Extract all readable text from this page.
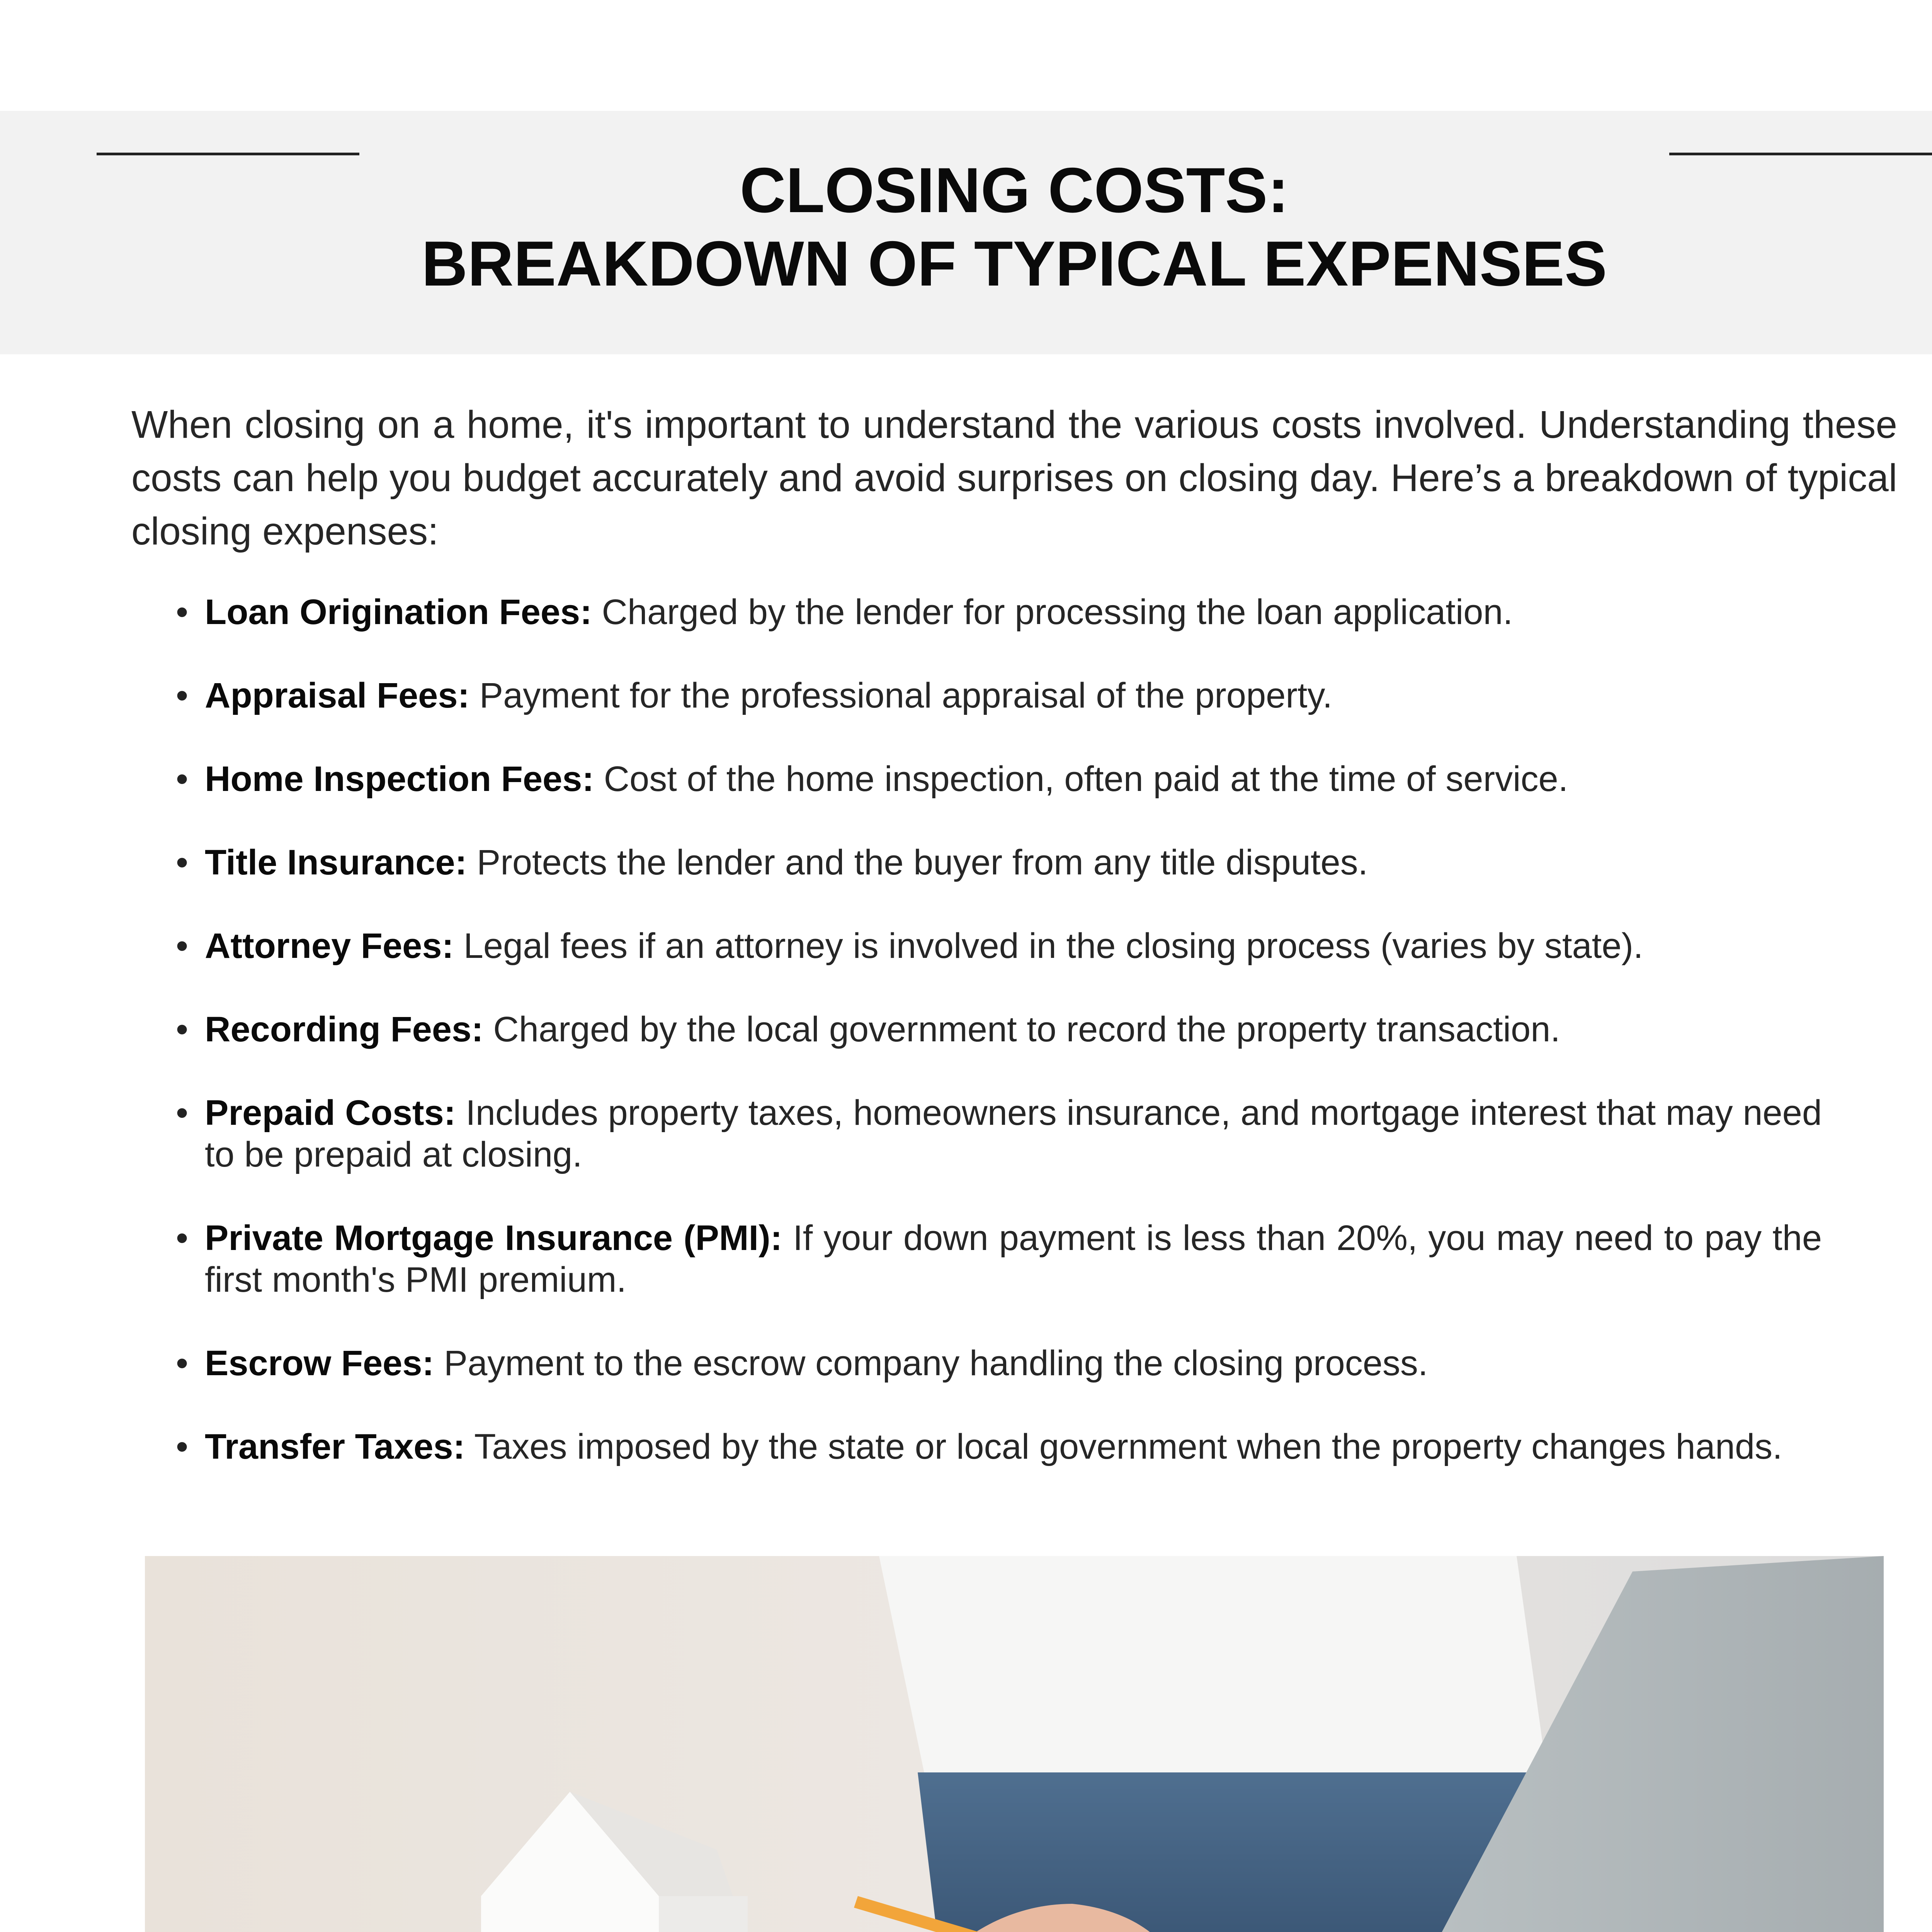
CLOSING COSTS:
BREAKDOWN OF TYPICAL EXPENSES

When closing on a home, it's important to understand the various costs involved. Understanding these costs can help you budget accurately and avoid surprises on closing day. Here’s a breakdown of typical closing expenses:

• Loan Origination Fees: Charged by the lender for processing the loan application.
• Appraisal Fees: Payment for the professional appraisal of the property.
• Home Inspection Fees: Cost of the home inspection, often paid at the time of service.
• Title Insurance: Protects the lender and the buyer from any title disputes.
• Attorney Fees: Legal fees if an attorney is involved in the closing process (varies by state).
• Recording Fees: Charged by the local government to record the property transaction.
• Prepaid Costs: Includes property taxes, homeowners insurance, and mortgage interest that may need to be prepaid at closing.
• Private Mortgage Insurance (PMI): If your down payment is less than 20%, you may need to pay the first month's PMI premium.
• Escrow Fees: Payment to the escrow company handling the closing process.
• Transfer Taxes: Taxes imposed by the state or local government when the property changes hands.
